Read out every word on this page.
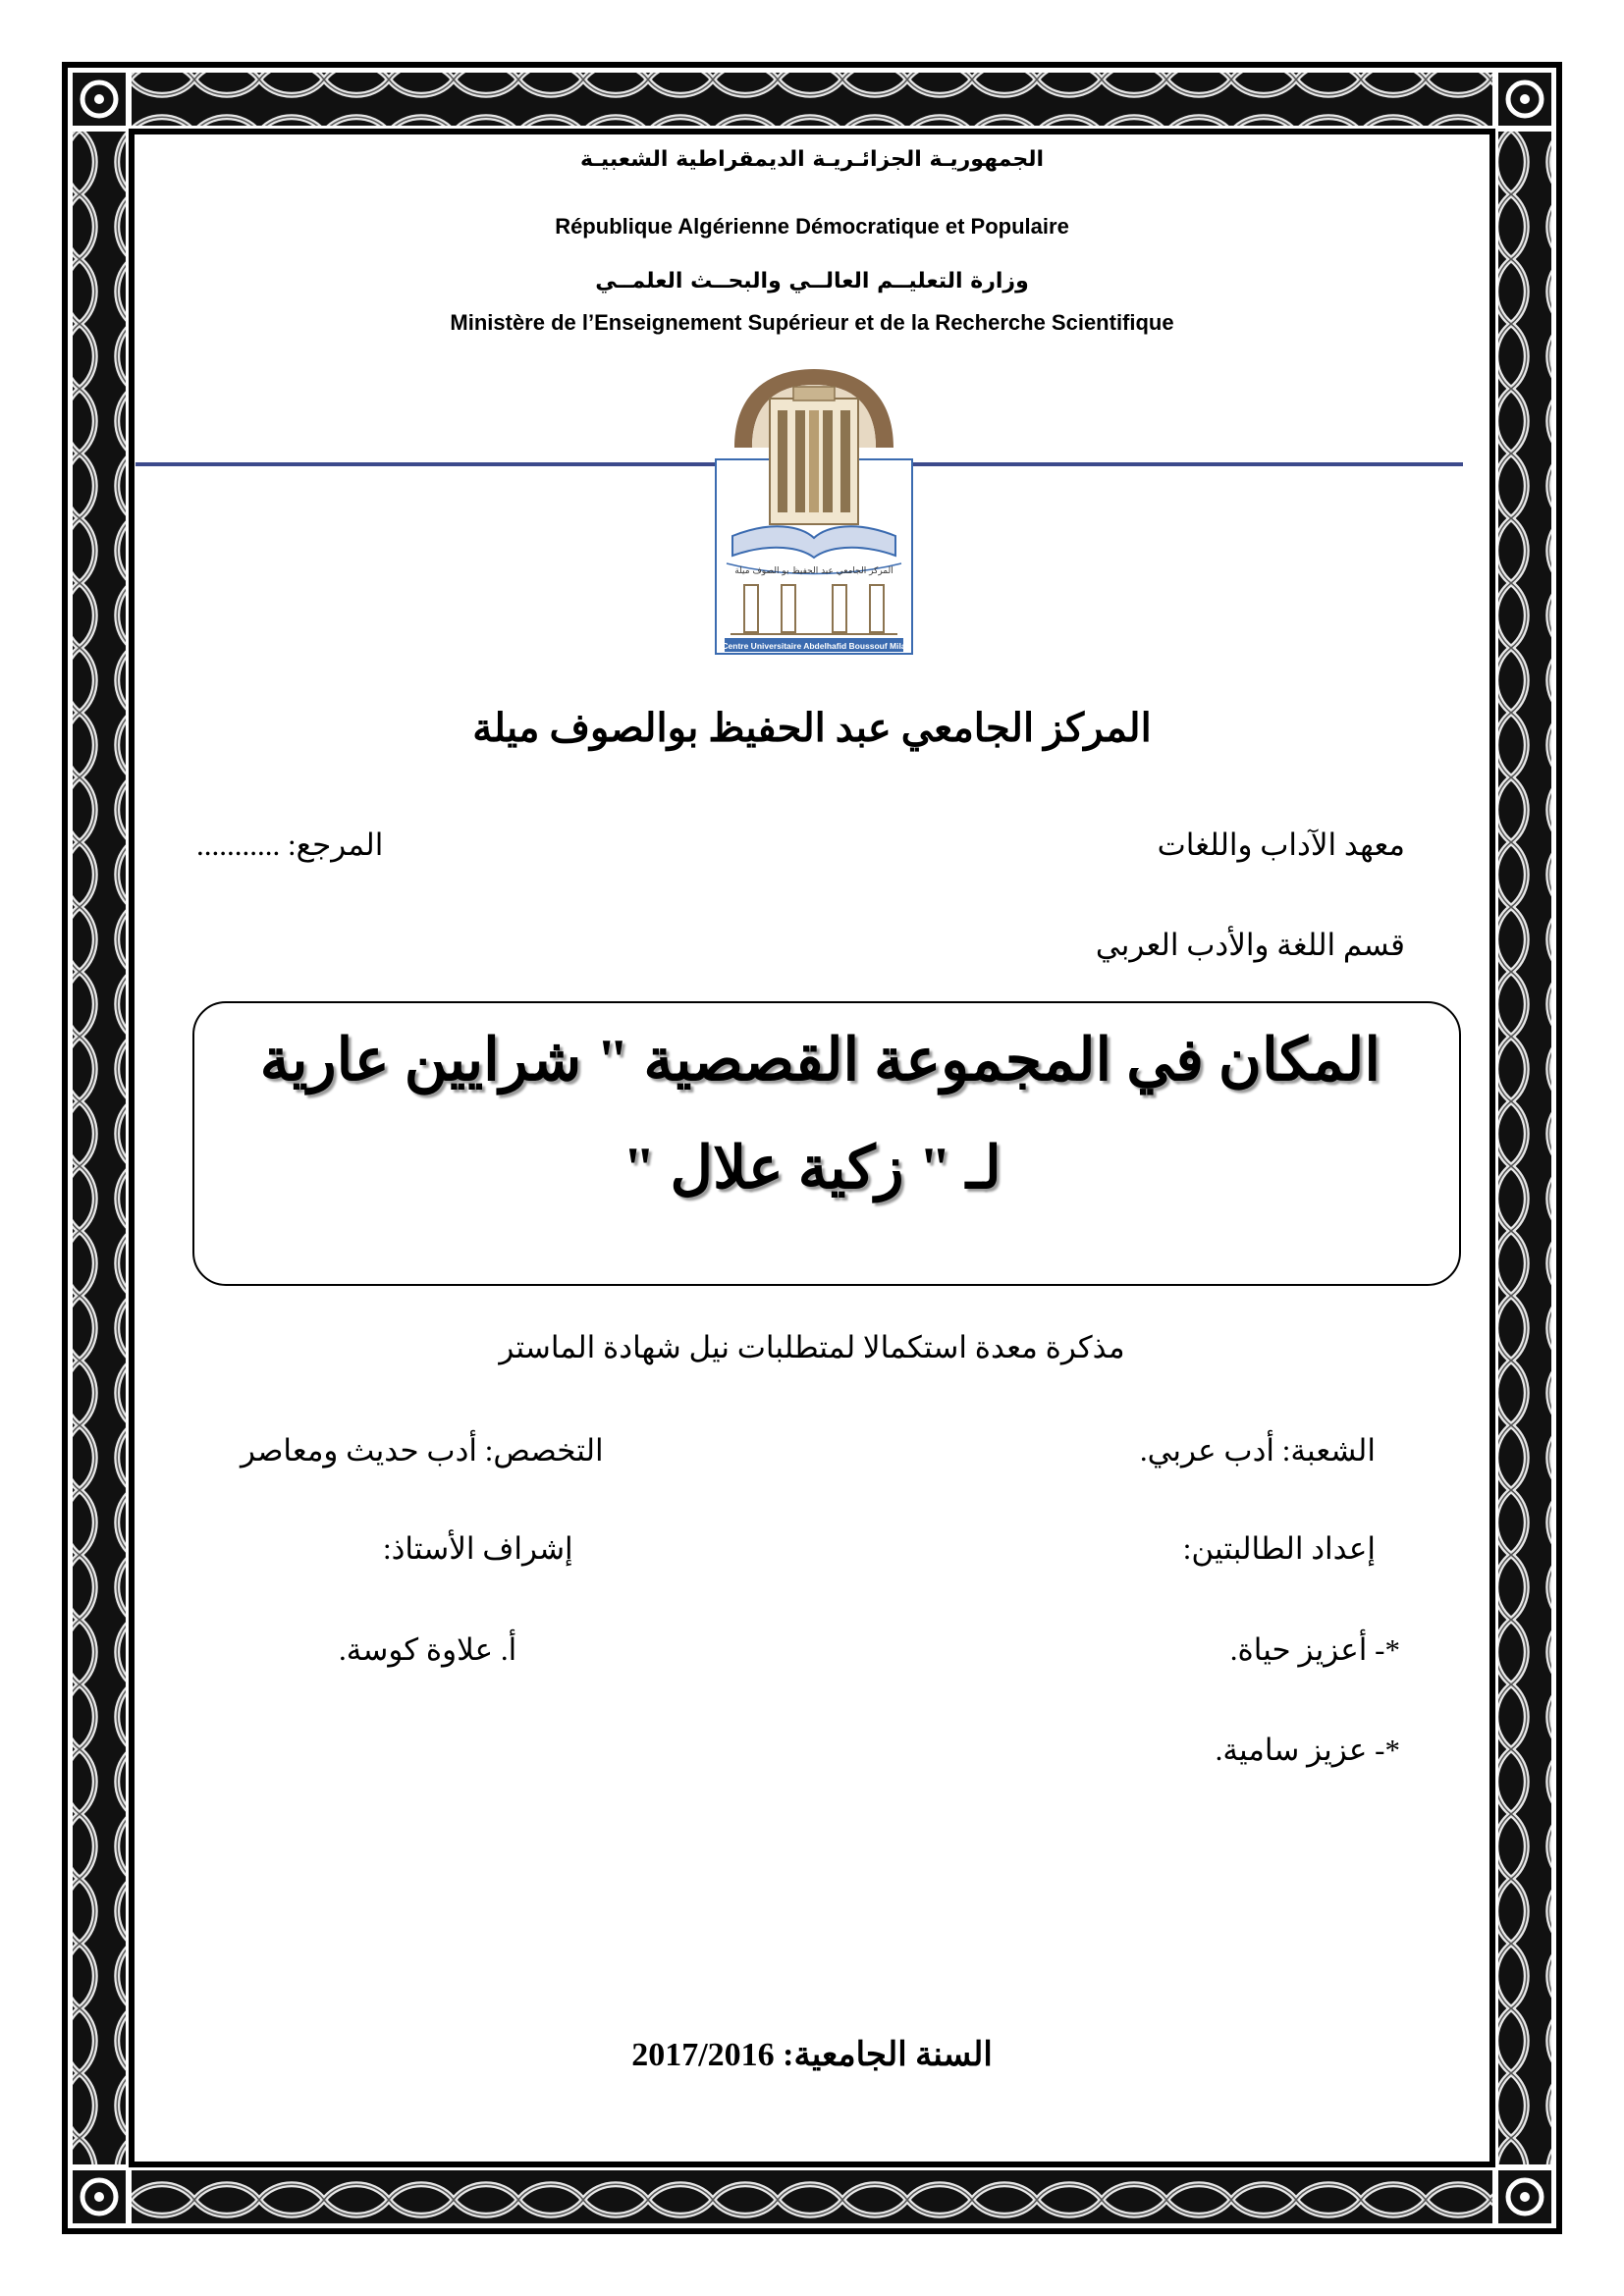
الجمهوريـة الجزائـريـة الديمقراطية الشعبيـة
République Algérienne Démocratique et Populaire
وزارة التعليــم العالــي والبحــث العلمــي
Ministère de l’Enseignement Supérieur et de la Recherche Scientifique
المركز الجامعي عبد الحفيظ بو الصوف ميلة
Centre Universitaire Abdelhafid Boussouf Mila
المركز الجامعي عبد الحفيظ بوالصوف ميلة
معهد الآداب واللغات
المرجع: ...........
قسم اللغة والأدب العربي
المكان في المجموعة القصصية " شرايين عارية
لـ " زكية علال "
مذكرة معدة استكمالا لمتطلبات نيل شهادة الماستر
الشعبة: أدب عربي.
التخصص: أدب حديث ومعاصر
إعداد الطالبتين:
إشراف الأستاذ:
*- أعزيز حياة.
أ. علاوة كوسة.
*- عزيز سامية.
السنة الجامعية: 2017/2016
